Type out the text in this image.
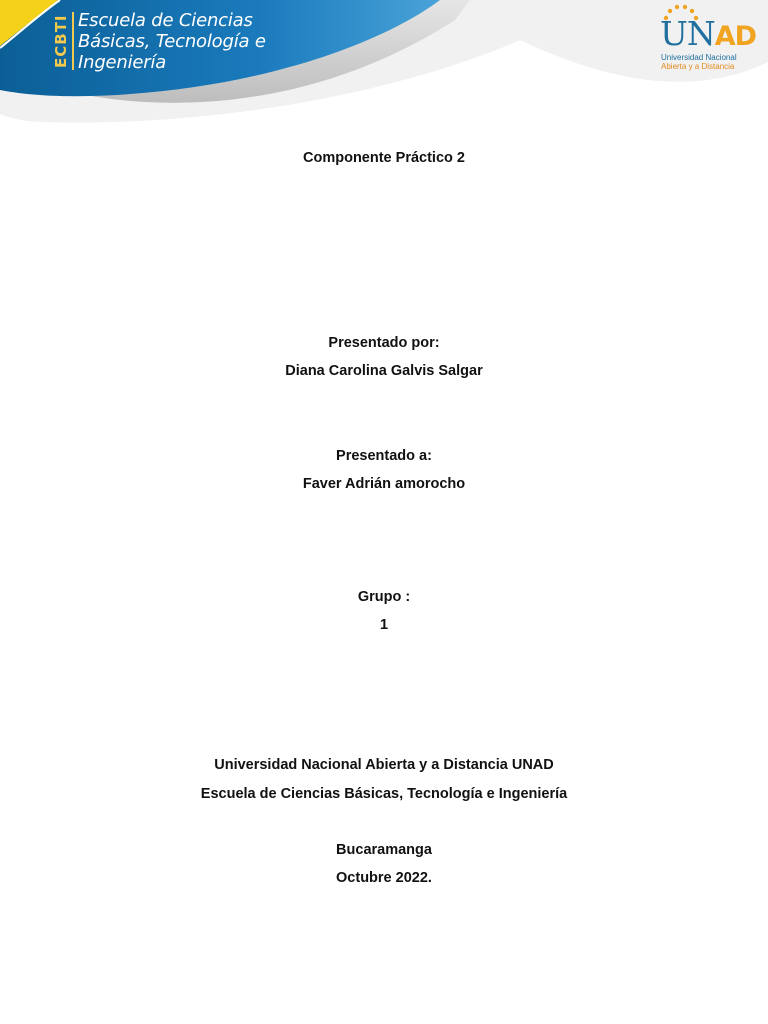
ECBTI Escuela de Ciencias
Básicas, Tecnología e
Ingeniería
UNAD
Universidad Nacional
Abierta y a Distancia
Componente Práctico 2
Presentado por:
Diana Carolina Galvis Salgar
Presentado a:
Faver Adrián amorocho
Grupo :
1
Universidad Nacional Abierta y a Distancia UNAD
Escuela de Ciencias Básicas, Tecnología e Ingeniería
Bucaramanga
Octubre 2022.
